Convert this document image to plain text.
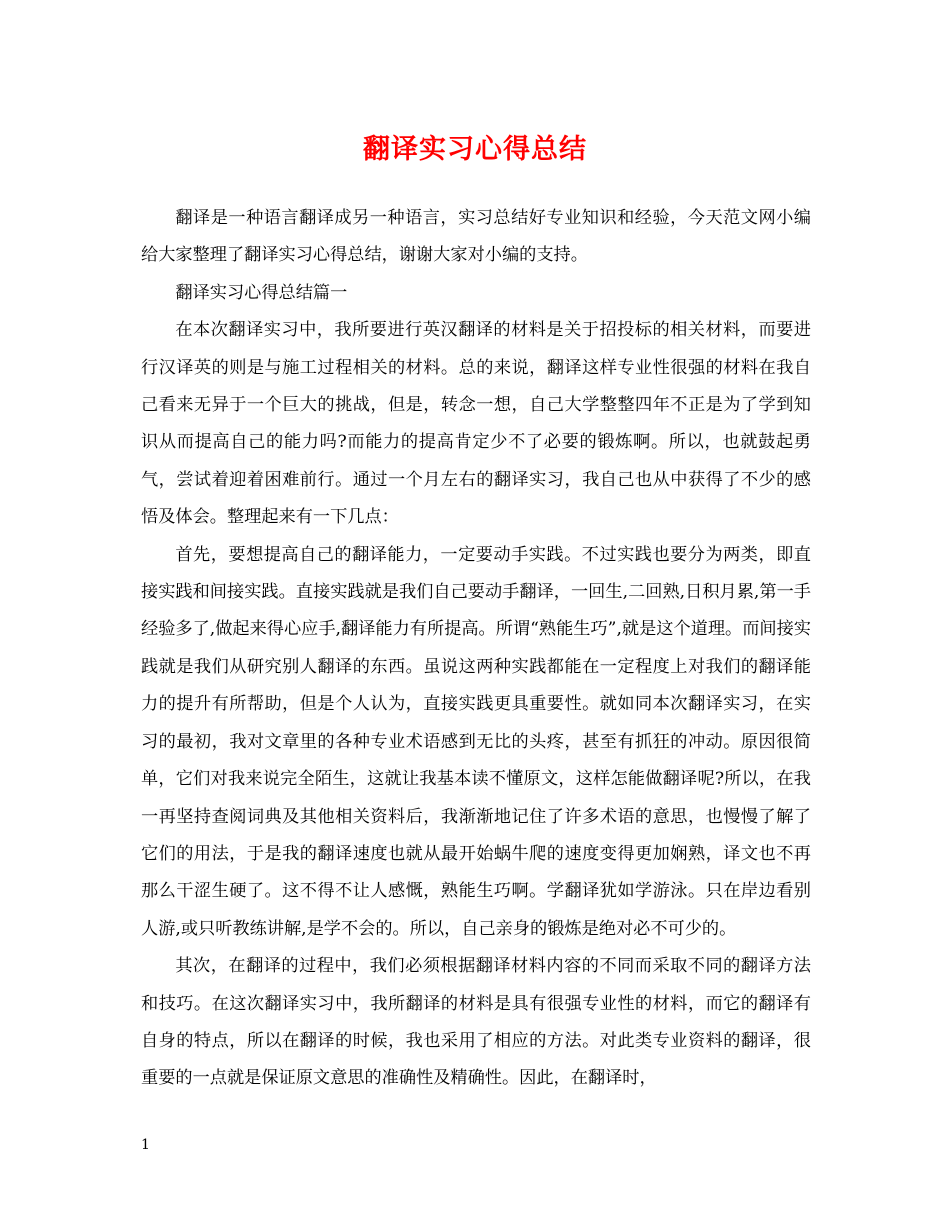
翻译实习心得总结

翻译是一种语言翻译成另一种语言，实习总结好专业知识和经验，今天范文网小编给大家整理了翻译实习心得总结，谢谢大家对小编的支持。

翻译实习心得总结篇一

在本次翻译实习中，我所要进行英汉翻译的材料是关于招投标的相关材料，而要进行汉译英的则是与施工过程相关的材料。总的来说，翻译这样专业性很强的材料在我自己看来无异于一个巨大的挑战，但是，转念一想，自己大学整整四年不正是为了学到知识从而提高自己的能力吗?而能力的提高肯定少不了必要的锻炼啊。所以，也就鼓起勇气，尝试着迎着困难前行。通过一个月左右的翻译实习，我自己也从中获得了不少的感悟及体会。整理起来有一下几点：

首先，要想提高自己的翻译能力，一定要动手实践。不过实践也要分为两类，即直接实践和间接实践。直接实践就是我们自己要动手翻译，一回生,二回熟,日积月累,第一手经验多了,做起来得心应手,翻译能力有所提高。所谓“熟能生巧”,就是这个道理。而间接实践就是我们从研究别人翻译的东西。虽说这两种实践都能在一定程度上对我们的翻译能力的提升有所帮助，但是个人认为，直接实践更具重要性。就如同本次翻译实习，在实习的最初，我对文章里的各种专业术语感到无比的头疼，甚至有抓狂的冲动。原因很简单，它们对我来说完全陌生，这就让我基本读不懂原文，这样怎能做翻译呢?所以，在我一再坚持查阅词典及其他相关资料后，我渐渐地记住了许多术语的意思，也慢慢了解了它们的用法，于是我的翻译速度也就从最开始蜗牛爬的速度变得更加娴熟，译文也不再那么干涩生硬了。这不得不让人感慨，熟能生巧啊。学翻译犹如学游泳。只在岸边看别人游,或只听教练讲解,是学不会的。所以，自己亲身的锻炼是绝对必不可少的。

其次，在翻译的过程中，我们必须根据翻译材料内容的不同而采取不同的翻译方法和技巧。在这次翻译实习中，我所翻译的材料是具有很强专业性的材料，而它的翻译有自身的特点，所以在翻译的时候，我也采用了相应的方法。对此类专业资料的翻译，很重要的一点就是保证原文意思的准确性及精确性。因此，在翻译时，

1
